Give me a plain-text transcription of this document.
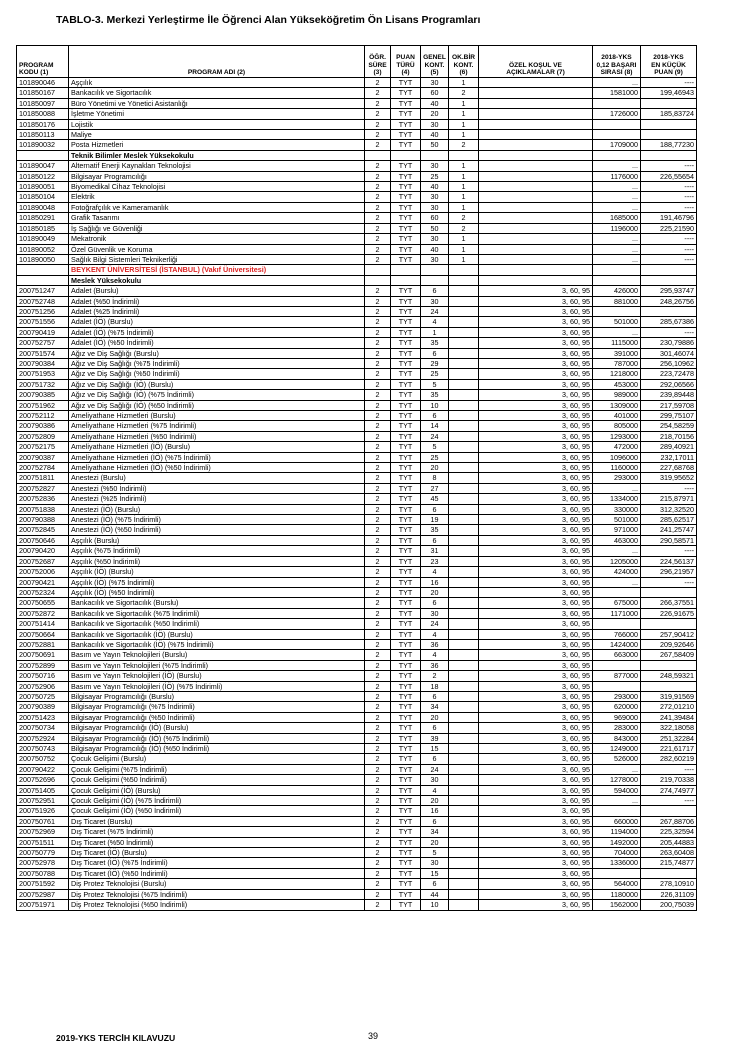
TABLO-3. Merkezi Yerleştirme İle Öğrenci Alan Yükseköğretim Ön Lisans Programları
PROGRAM
KODU (1)	PROGRAM ADI (2)	ÖĞR.
SÜRE
(3)	PUAN
TÜRÜ
(4)	GENEL
KONT.
(5)	OK.BİR
KONT.
(6)	ÖZEL KOŞUL VE
AÇIKLAMALAR (7)	2018-YKS
0,12 BAŞARI
SIRASI (8)	2018-YKS
EN KÜÇÜK
PUAN (9)
101890046	Aşçılık	2	TYT	30	1		...	----
101850167	Bankacılık ve Sigortacılık	2	TYT	60	2		1581000	199,46943
101850097	Büro Yönetimi ve Yönetici Asistanlığı	2	TYT	40	1			
101850088	İşletme Yönetimi	2	TYT	20	1		1726000	185,83724
101850176	Lojistik	2	TYT	30	1			
101850113	Maliye	2	TYT	40	1			
101890032	Posta Hizmetleri	2	TYT	50	2		1709000	188,77230
	Teknik Bilimler Meslek Yüksekokulu							
101890047	Alternatif Enerji Kaynakları Teknolojisi	2	TYT	30	1		...	----
101850122	Bilgisayar Programcılığı	2	TYT	25	1		1176000	226,55654
101890051	Biyomedikal Cihaz Teknolojisi	2	TYT	40	1		...	----
101850104	Elektrik	2	TYT	30	1		...	----
101890048	Fotoğrafçılık ve Kameramanlık	2	TYT	30	1		...	----
101850291	Grafik Tasarımı	2	TYT	60	2		1685000	191,46796
101850185	İş Sağlığı ve Güvenliği	2	TYT	50	2		1196000	225,21590
101890049	Mekatronik	2	TYT	30	1		...	----
101890052	Özel Güvenlik ve Koruma	2	TYT	40	1		...	----
101890050	Sağlık Bilgi Sistemleri Teknikerliği	2	TYT	30	1		...	----
	BEYKENT ÜNİVERSİTESİ (İSTANBUL) (Vakıf Üniversitesi)							
	Meslek Yüksekokulu							
200751247	Adalet (Burslu)	2	TYT	6		3, 60, 95	426000	295,93747
200752748	Adalet (%50 İndirimli)	2	TYT	30		3, 60, 95	881000	248,26756
200751256	Adalet (%25 İndirimli)	2	TYT	24		3, 60, 95		
200751556	Adalet (İÖ) (Burslu)	2	TYT	4		3, 60, 95	501000	285,67386
200790419	Adalet (İÖ) (%75 İndirimli)	2	TYT	1		3, 60, 95	...	----
200752757	Adalet (İÖ) (%50 İndirimli)	2	TYT	35		3, 60, 95	1115000	230,79886
200751574	Ağız ve Diş Sağlığı (Burslu)	2	TYT	6		3, 60, 95	391000	301,46074
200790384	Ağız ve Diş Sağlığı (%75 İndirimli)	2	TYT	29		3, 60, 95	787000	256,10962
200751953	Ağız ve Diş Sağlığı (%50 İndirimli)	2	TYT	25		3, 60, 95	1218000	223,72478
200751732	Ağız ve Diş Sağlığı (İÖ) (Burslu)	2	TYT	5		3, 60, 95	453000	292,06566
200790385	Ağız ve Diş Sağlığı (İÖ) (%75 İndirimli)	2	TYT	35		3, 60, 95	989000	239,89448
200751962	Ağız ve Diş Sağlığı (İÖ) (%50 İndirimli)	2	TYT	10		3, 60, 95	1309000	217,59708
200752112	Ameliyathane Hizmetleri (Burslu)	2	TYT	6		3, 60, 95	401000	299,75107
200790386	Ameliyathane Hizmetleri (%75 İndirimli)	2	TYT	14		3, 60, 95	805000	254,58259
200752809	Ameliyathane Hizmetleri (%50 İndirimli)	2	TYT	24		3, 60, 95	1293000	218,70156
200752175	Ameliyathane Hizmetleri (İÖ) (Burslu)	2	TYT	5		3, 60, 95	472000	289,40921
200790387	Ameliyathane Hizmetleri (İÖ) (%75 İndirimli)	2	TYT	25		3, 60, 95	1096000	232,17011
200752784	Ameliyathane Hizmetleri (İÖ) (%50 İndirimli)	2	TYT	20		3, 60, 95	1160000	227,68768
200751811	Anestezi (Burslu)	2	TYT	8		3, 60, 95	293000	319,95652
200752827	Anestezi (%50 İndirimli)	2	TYT	27		3, 60, 95	...	----
200752836	Anestezi (%25 İndirimli)	2	TYT	45		3, 60, 95	1334000	215,87971
200751838	Anestezi (İÖ) (Burslu)	2	TYT	6		3, 60, 95	330000	312,32520
200790388	Anestezi (İÖ) (%75 İndirimli)	2	TYT	19		3, 60, 95	501000	285,62517
200752845	Anestezi (İÖ) (%50 İndirimli)	2	TYT	35		3, 60, 95	971000	241,25747
200750646	Aşçılık (Burslu)	2	TYT	6		3, 60, 95	463000	290,58571
200790420	Aşçılık (%75 İndirimli)	2	TYT	31		3, 60, 95	...	----
200752687	Aşçılık (%50 İndirimli)	2	TYT	23		3, 60, 95	1205000	224,56137
200752006	Aşçılık (İÖ) (Burslu)	2	TYT	4		3, 60, 95	424000	296,21957
200790421	Aşçılık (İÖ) (%75 İndirimli)	2	TYT	16		3, 60, 95	...	----
200752324	Aşçılık (İÖ) (%50 İndirimli)	2	TYT	20		3, 60, 95		
200750655	Bankacılık ve Sigortacılık (Burslu)	2	TYT	6		3, 60, 95	675000	266,37551
200752872	Bankacılık ve Sigortacılık (%75 İndirimli)	2	TYT	30		3, 60, 95	1171000	226,91675
200751414	Bankacılık ve Sigortacılık (%50 İndirimli)	2	TYT	24		3, 60, 95		
200750664	Bankacılık ve Sigortacılık (İÖ) (Burslu)	2	TYT	4		3, 60, 95	766000	257,90412
200752881	Bankacılık ve Sigortacılık (İÖ) (%75 İndirimli)	2	TYT	36		3, 60, 95	1424000	209,92646
200750691	Basım ve Yayın Teknolojileri (Burslu)	2	TYT	4		3, 60, 95	663000	267,58409
200752899	Basım ve Yayın Teknolojileri (%75 İndirimli)	2	TYT	36		3, 60, 95		
200750716	Basım ve Yayın Teknolojileri (İÖ) (Burslu)	2	TYT	2		3, 60, 95	877000	248,59321
200752906	Basım ve Yayın Teknolojileri (İÖ) (%75 İndirimli)	2	TYT	18		3, 60, 95		
200750725	Bilgisayar Programcılığı (Burslu)	2	TYT	6		3, 60, 95	293000	319,91569
200790389	Bilgisayar Programcılığı (%75 İndirimli)	2	TYT	34		3, 60, 95	620000	272,01210
200751423	Bilgisayar Programcılığı (%50 İndirimli)	2	TYT	20		3, 60, 95	969000	241,39484
200750734	Bilgisayar Programcılığı (İÖ) (Burslu)	2	TYT	6		3, 60, 95	283000	322,18058
200752924	Bilgisayar Programcılığı (İÖ) (%75 İndirimli)	2	TYT	39		3, 60, 95	843000	251,32284
200750743	Bilgisayar Programcılığı (İÖ) (%50 İndirimli)	2	TYT	15		3, 60, 95	1249000	221,61717
200750752	Çocuk Gelişimi (Burslu)	2	TYT	6		3, 60, 95	526000	282,60219
200790422	Çocuk Gelişimi (%75 İndirimli)	2	TYT	24		3, 60, 95	...	----
200752696	Çocuk Gelişimi (%50 İndirimli)	2	TYT	30		3, 60, 95	1278000	219,70338
200751405	Çocuk Gelişimi (İÖ) (Burslu)	2	TYT	4		3, 60, 95	594000	274,74977
200752951	Çocuk Gelişimi (İÖ) (%75 İndirimli)	2	TYT	20		3, 60, 95	...	----
200751926	Çocuk Gelişimi (İÖ) (%50 İndirimli)	2	TYT	16		3, 60, 95		
200750761	Dış Ticaret (Burslu)	2	TYT	6		3, 60, 95	660000	267,88706
200752969	Dış Ticaret (%75 İndirimli)	2	TYT	34		3, 60, 95	1194000	225,32594
200751511	Dış Ticaret (%50 İndirimli)	2	TYT	20		3, 60, 95	1492000	205,44883
200750779	Dış Ticaret (İÖ) (Burslu)	2	TYT	5		3, 60, 95	704000	263,60408
200752978	Dış Ticaret (İÖ) (%75 İndirimli)	2	TYT	30		3, 60, 95	1336000	215,74877
200750788	Dış Ticaret (İÖ) (%50 İndirimli)	2	TYT	15		3, 60, 95		
200751592	Diş Protez Teknolojisi (Burslu)	2	TYT	6		3, 60, 95	564000	278,10910
200752987	Diş Protez Teknolojisi (%75 İndirimli)	2	TYT	44		3, 60, 95	1180000	226,31109
200751971	Diş Protez Teknolojisi (%50 İndirimli)	2	TYT	10		3, 60, 95	1562000	200,75039
2019-YKS TERCİH KILAVUZU	39
